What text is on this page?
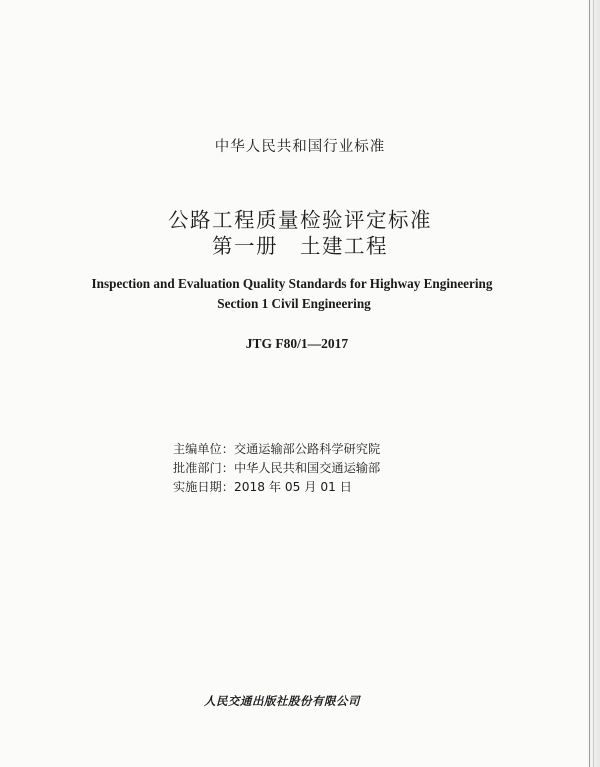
中华人民共和国行业标准
公路工程质量检验评定标准
第一册 土建工程
Inspection and Evaluation Quality Standards for Highway Engineering
Section 1 Civil Engineering
JTG F80/1—2017
主编单位：交通运输部公路科学研究院
批准部门：中华人民共和国交通运输部
实施日期：2018 年 05 月 01 日
人民交通出版社股份有限公司
